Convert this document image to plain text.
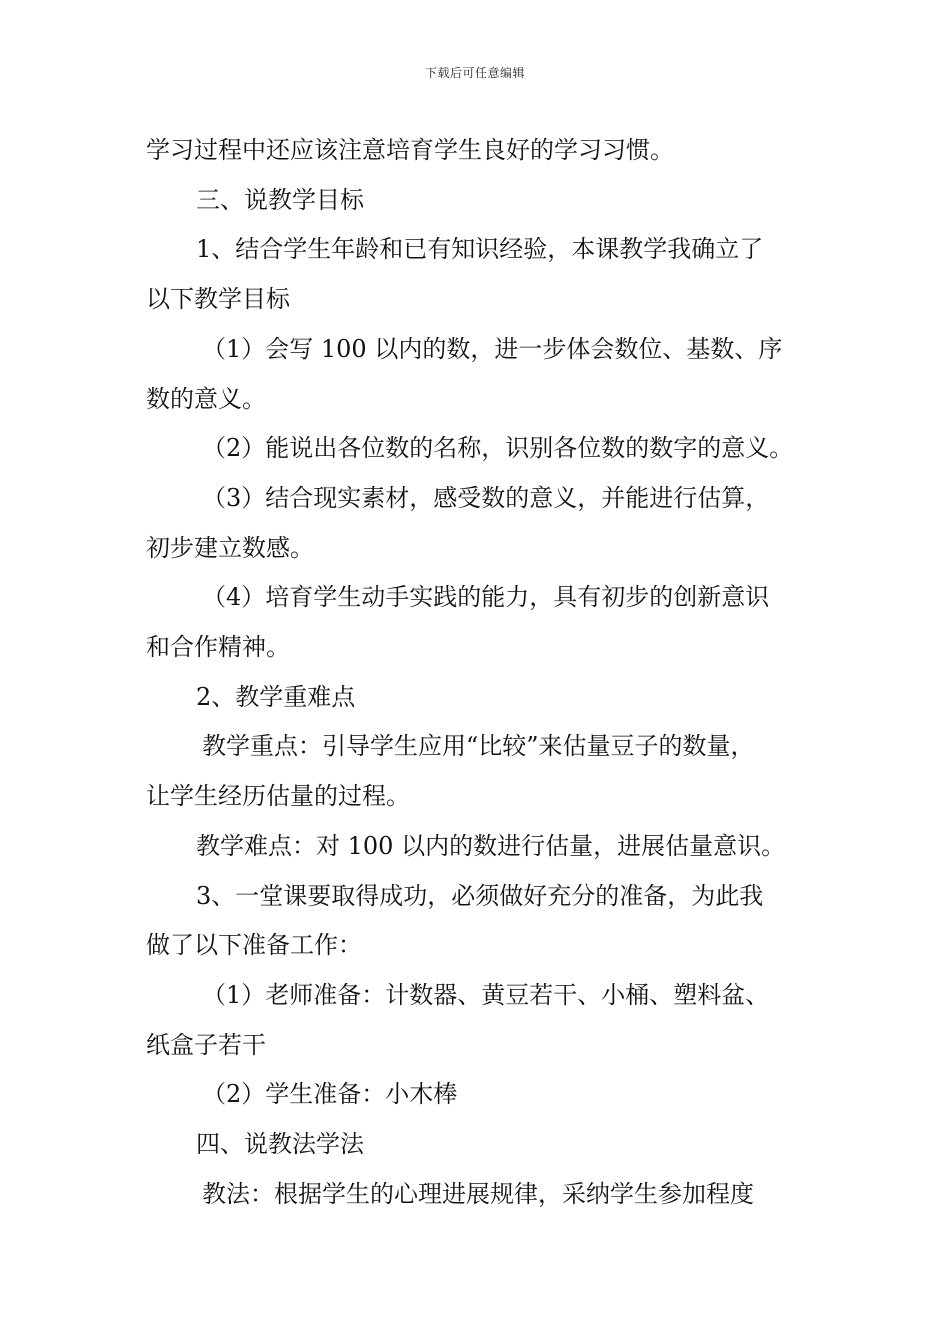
下载后可任意编辑

学习过程中还应该注意培育学生良好的学习习惯。

三、说教学目标

1、结合学生年龄和已有知识经验，本课教学我确立了

以下教学目标

（1）会写 100 以内的数，进一步体会数位、基数、序

数的意义。

（2）能说出各位数的名称，识别各位数的数字的意义。

（3）结合现实素材，感受数的意义，并能进行估算，

初步建立数感。

（4）培育学生动手实践的能力，具有初步的创新意识

和合作精神。

2、教学重难点

教学重点：引导学生应用“比较”来估量豆子的数量，

让学生经历估量的过程。

教学难点：对 100 以内的数进行估量，进展估量意识。

3、一堂课要取得成功，必须做好充分的准备，为此我

做了以下准备工作：

（1）老师准备：计数器、黄豆若干、小桶、塑料盆、

纸盒子若干

（2）学生准备：小木棒

四、说教法学法

教法：根据学生的心理进展规律，采纳学生参加程度
